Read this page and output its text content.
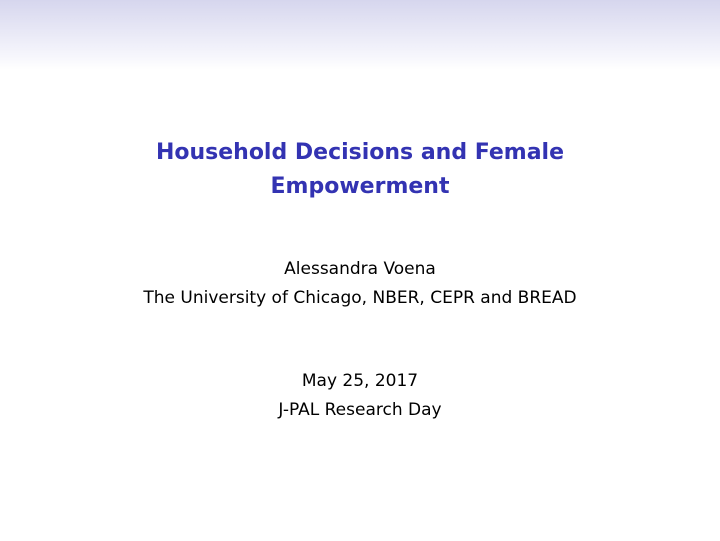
Household Decisions and Female
Empowerment
Alessandra Voena
The University of Chicago, NBER, CEPR and BREAD
May 25, 2017
J-PAL Research Day
